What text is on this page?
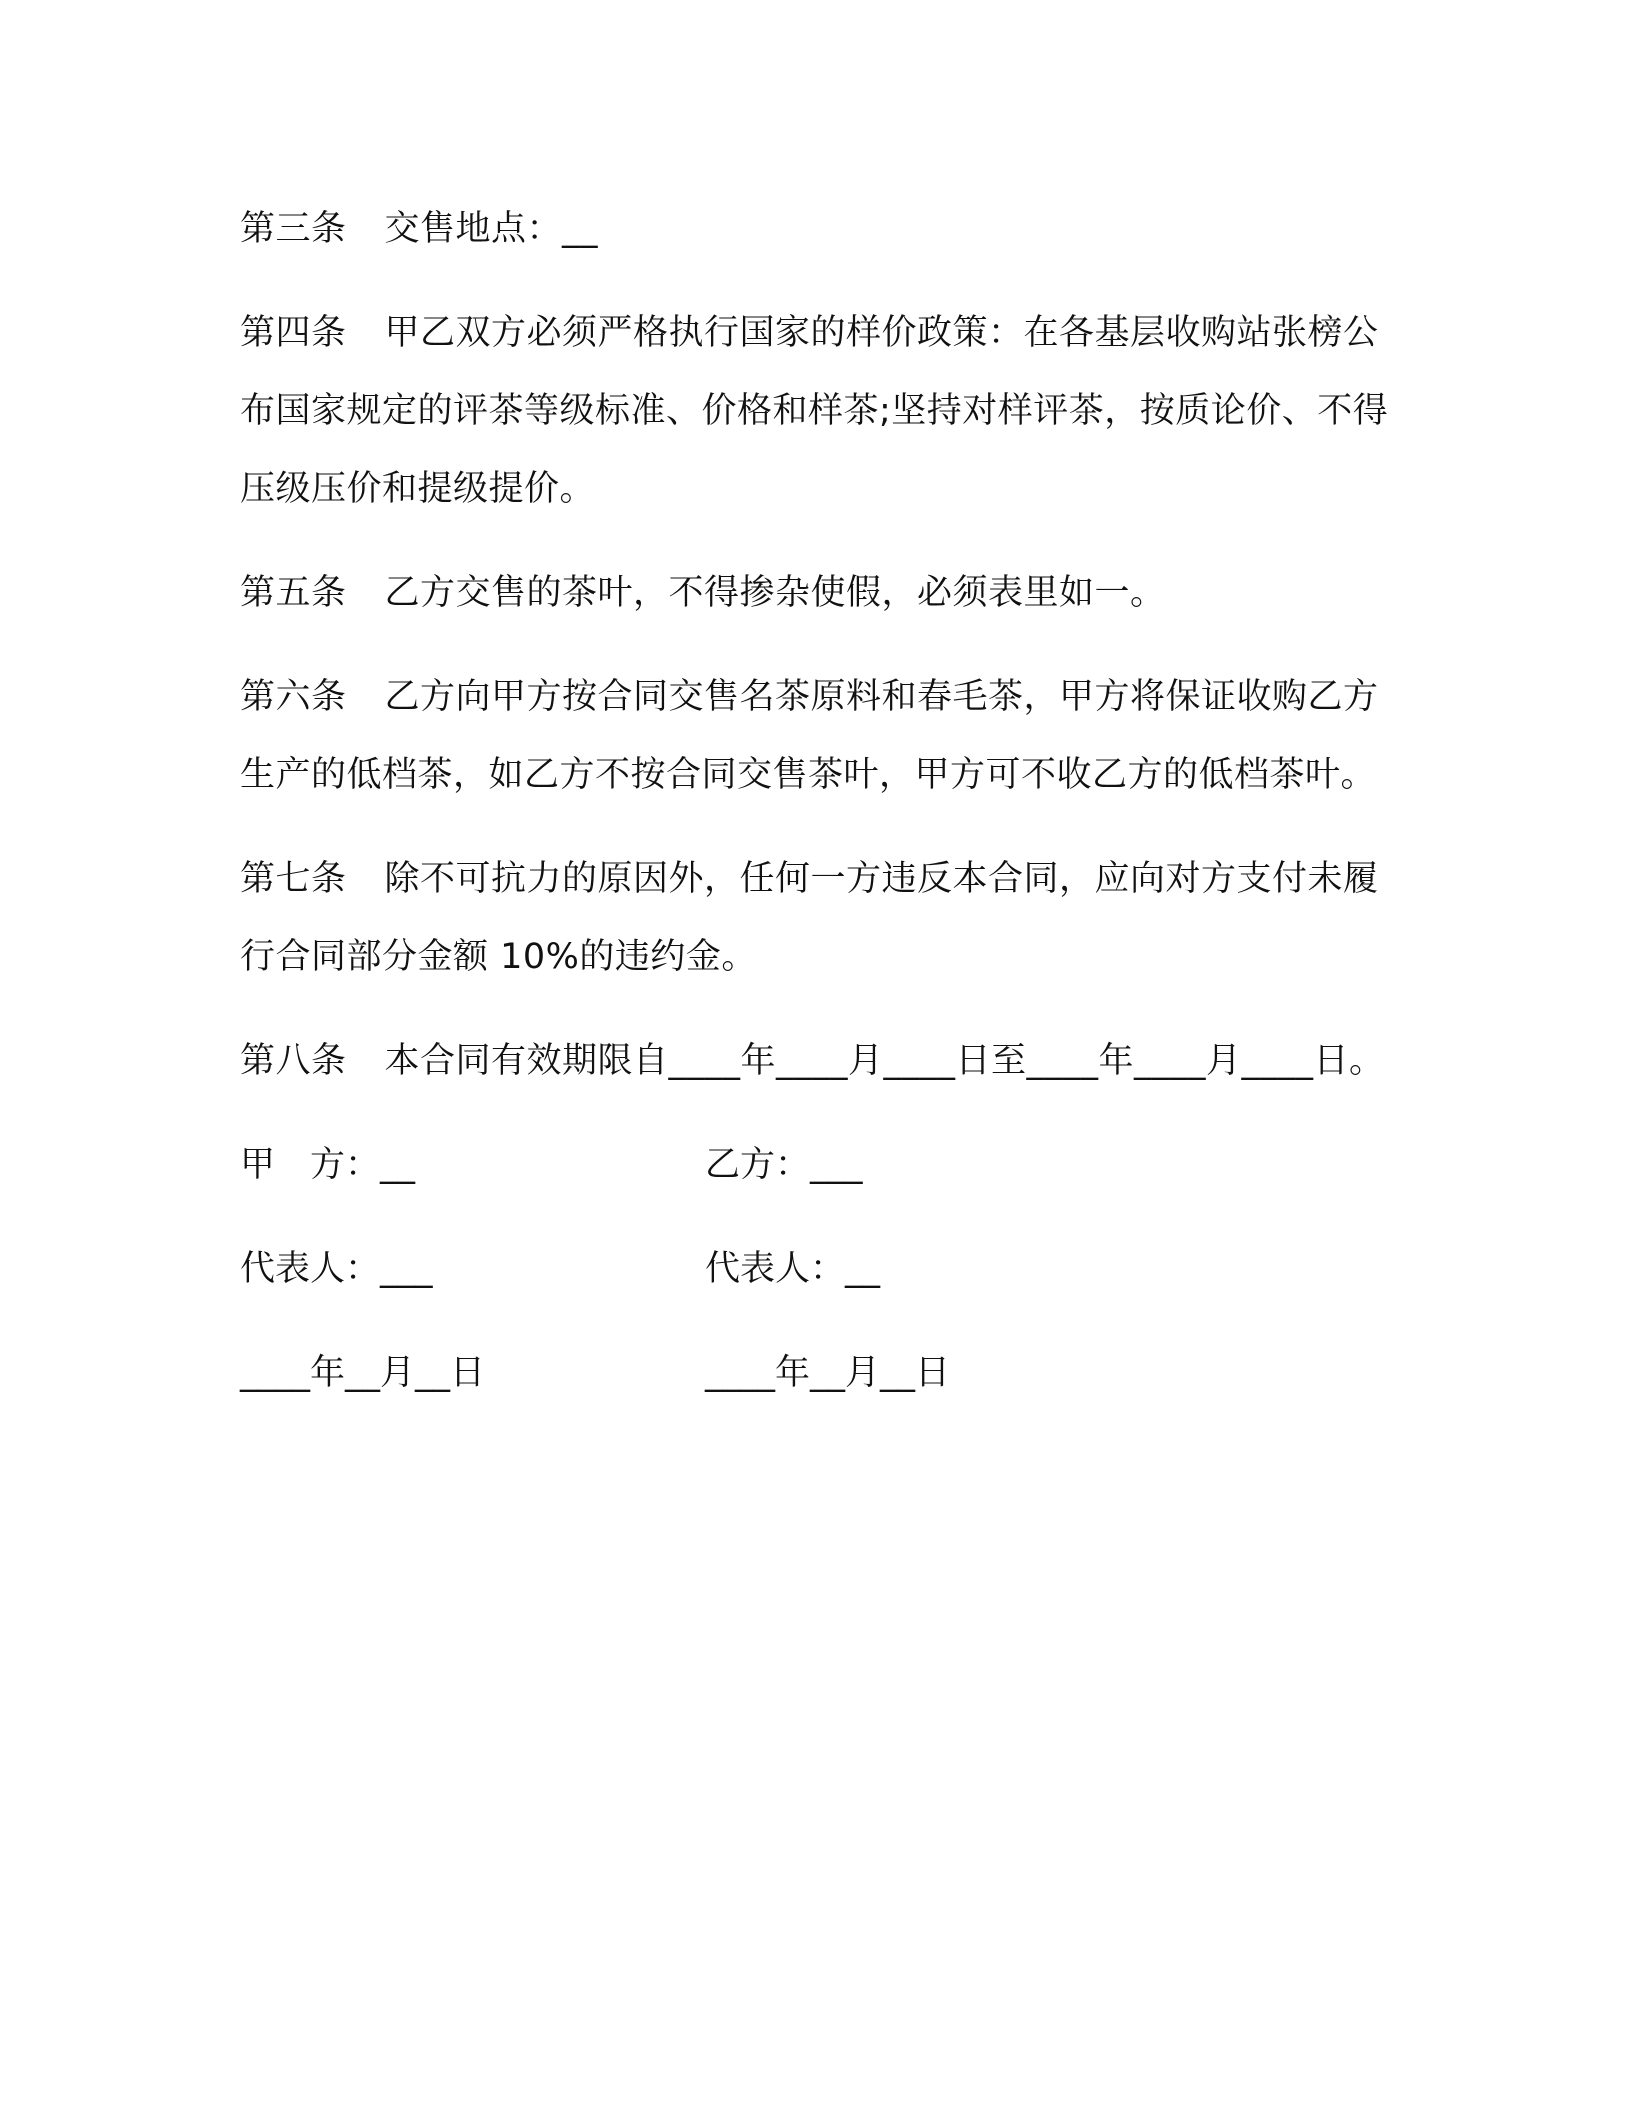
第三条 交售地点：__

第四条 甲乙双方必须严格执行国家的样价政策：在各基层收购站张榜公布国家规定的评茶等级标准、价格和样茶;坚持对样评茶，按质论价、不得压级压价和提级提价。

第五条 乙方交售的茶叶，不得掺杂使假，必须表里如一。

第六条 乙方向甲方按合同交售名茶原料和春毛茶，甲方将保证收购乙方生产的低档茶，如乙方不按合同交售茶叶，甲方可不收乙方的低档茶叶。

第七条 除不可抗力的原因外，任何一方违反本合同，应向对方支付未履行合同部分金额 10%的违约金。

第八条 本合同有效期限自____年____月____日至____年____月____日。

甲　方：__	乙方：___
代表人：___	代表人：__
____年__月__日	____年__月__日
